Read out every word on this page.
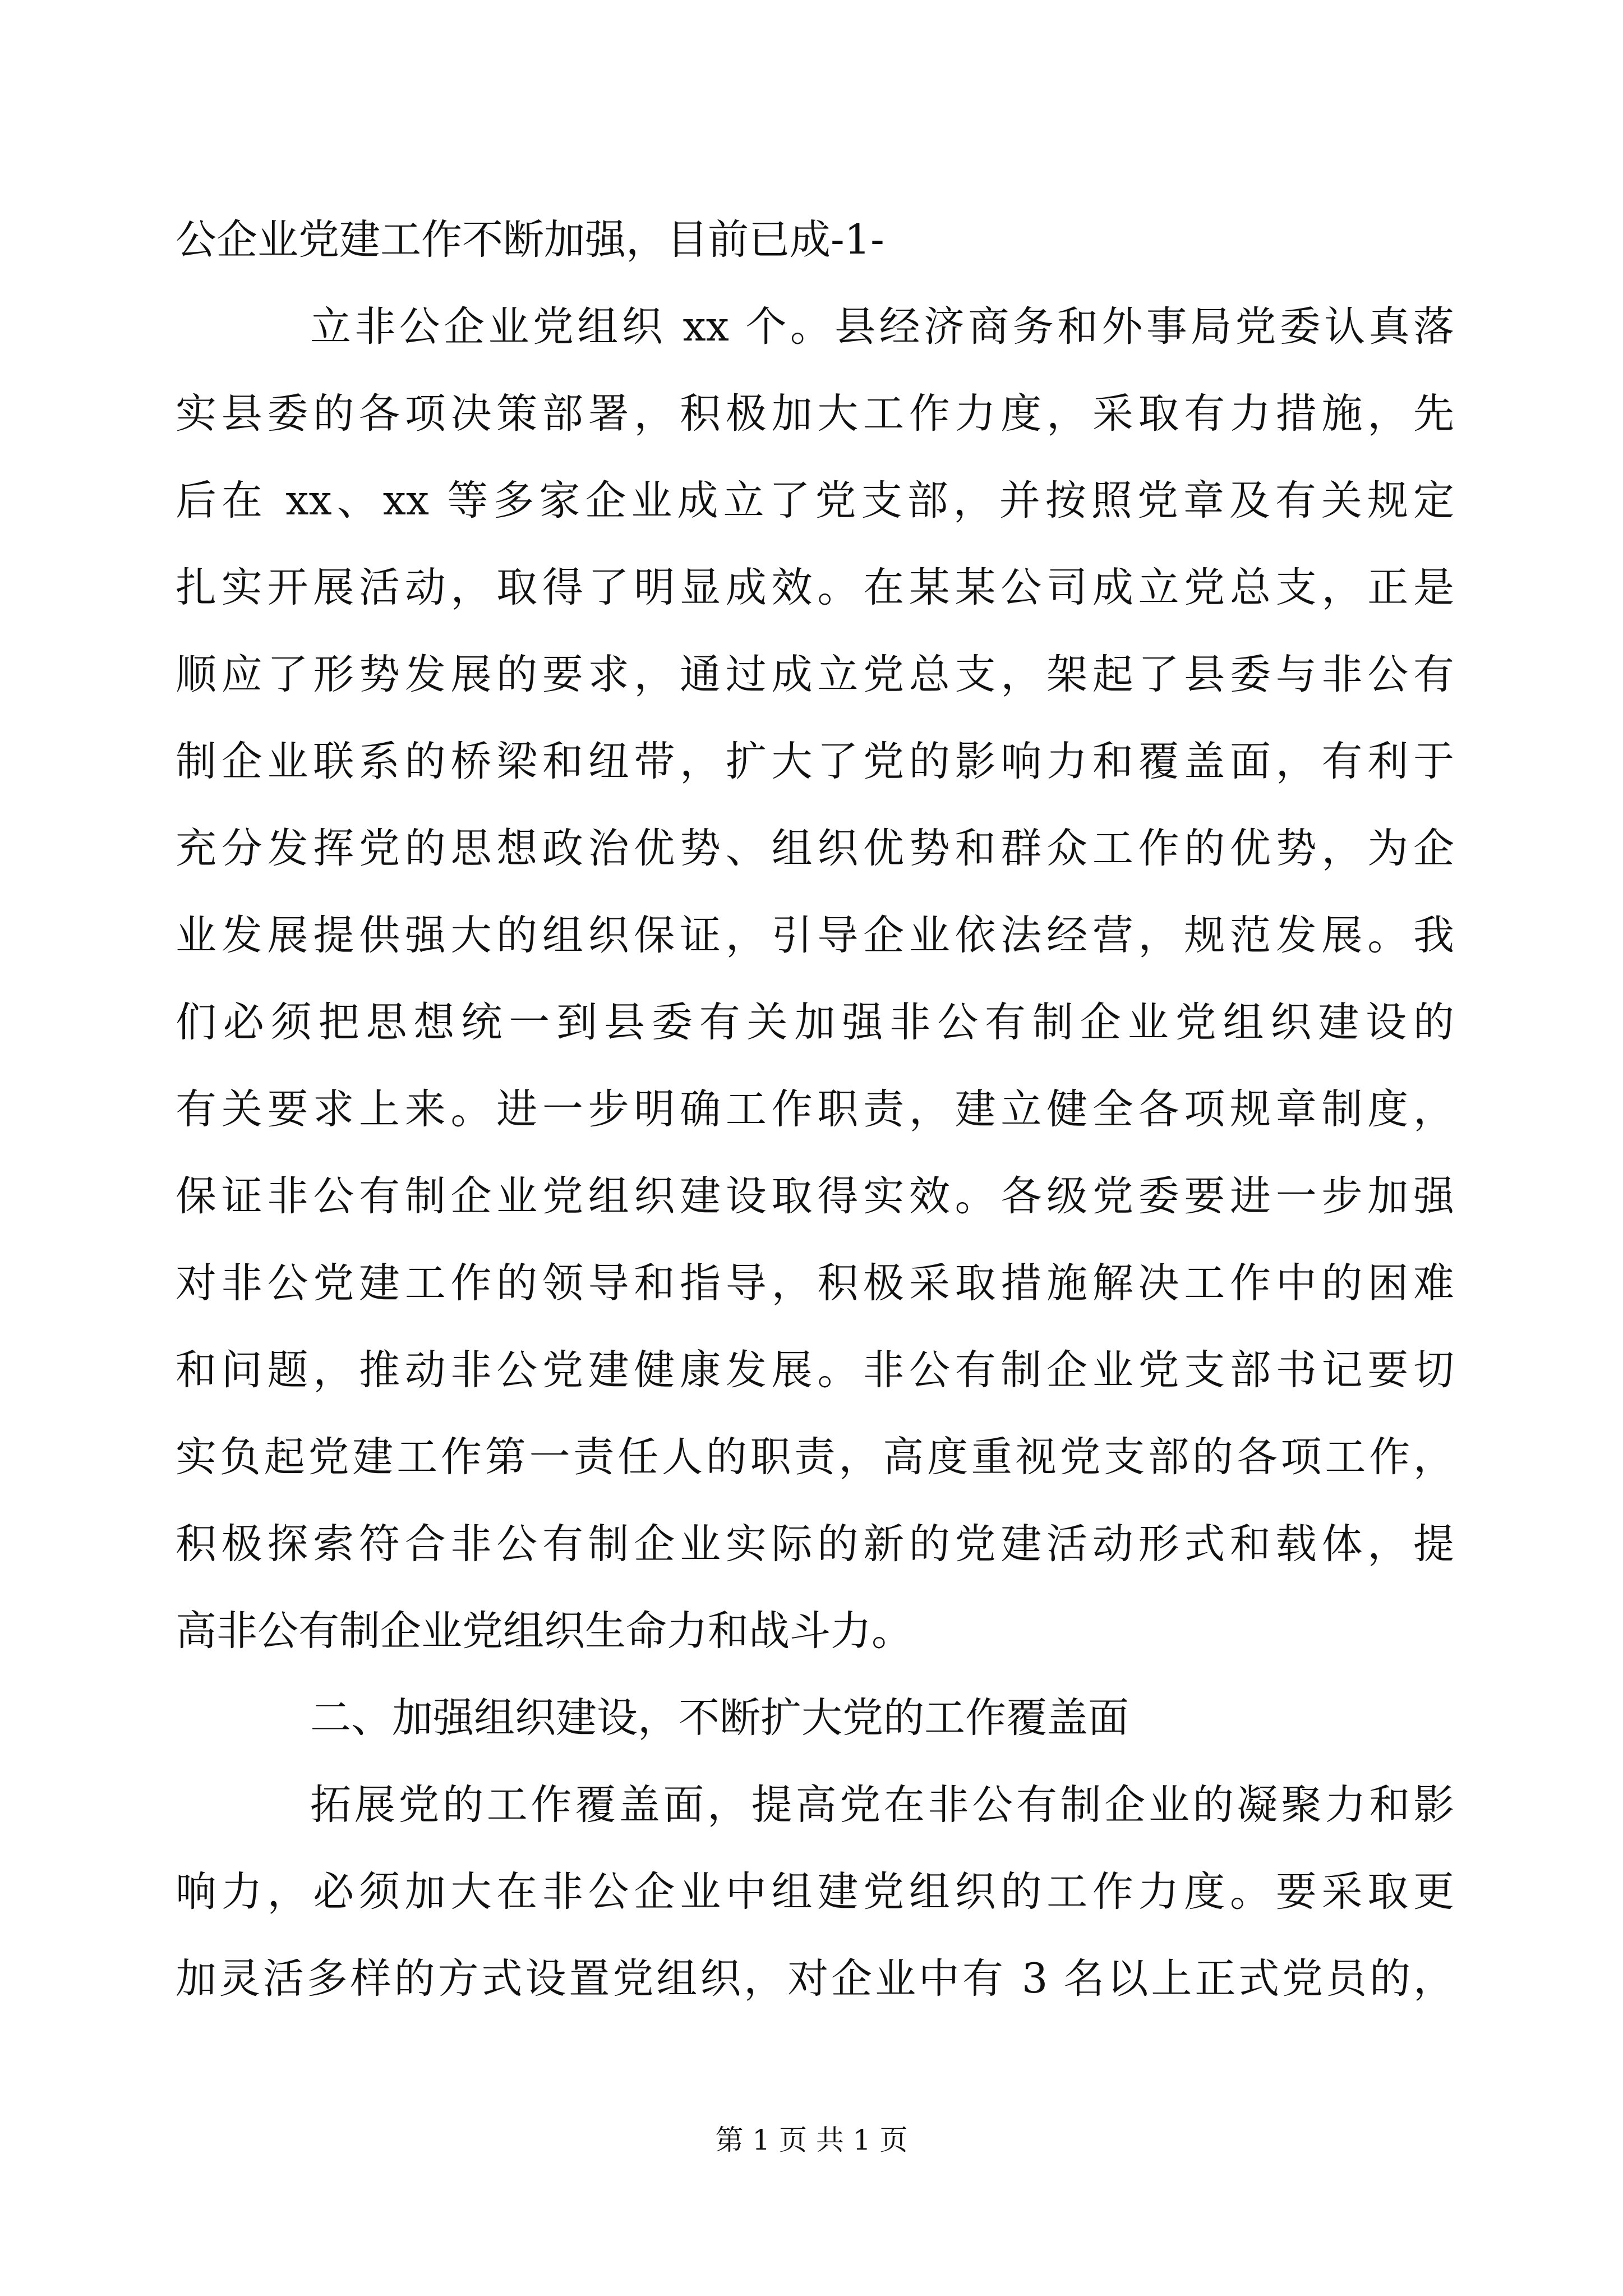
公企业党建工作不断加强，目前已成-1-
立非公企业党组织 xx 个。县经济商务和外事局党委认真落
实县委的各项决策部署，积极加大工作力度，采取有力措施，先
后在 xx、xx 等多家企业成立了党支部，并按照党章及有关规定
扎实开展活动，取得了明显成效。在某某公司成立党总支，正是
顺应了形势发展的要求，通过成立党总支，架起了县委与非公有
制企业联系的桥梁和纽带，扩大了党的影响力和覆盖面，有利于
充分发挥党的思想政治优势、组织优势和群众工作的优势，为企
业发展提供强大的组织保证，引导企业依法经营，规范发展。我
们必须把思想统一到县委有关加强非公有制企业党组织建设的
有关要求上来。进一步明确工作职责，建立健全各项规章制度，
保证非公有制企业党组织建设取得实效。各级党委要进一步加强
对非公党建工作的领导和指导，积极采取措施解决工作中的困难
和问题，推动非公党建健康发展。非公有制企业党支部书记要切
实负起党建工作第一责任人的职责，高度重视党支部的各项工作，
积极探索符合非公有制企业实际的新的党建活动形式和载体，提
高非公有制企业党组织生命力和战斗力。
二、加强组织建设，不断扩大党的工作覆盖面
拓展党的工作覆盖面，提高党在非公有制企业的凝聚力和影
响力，必须加大在非公企业中组建党组织的工作力度。要采取更
加灵活多样的方式设置党组织，对企业中有 3 名以上正式党员的，
第 1 页 共 1 页
